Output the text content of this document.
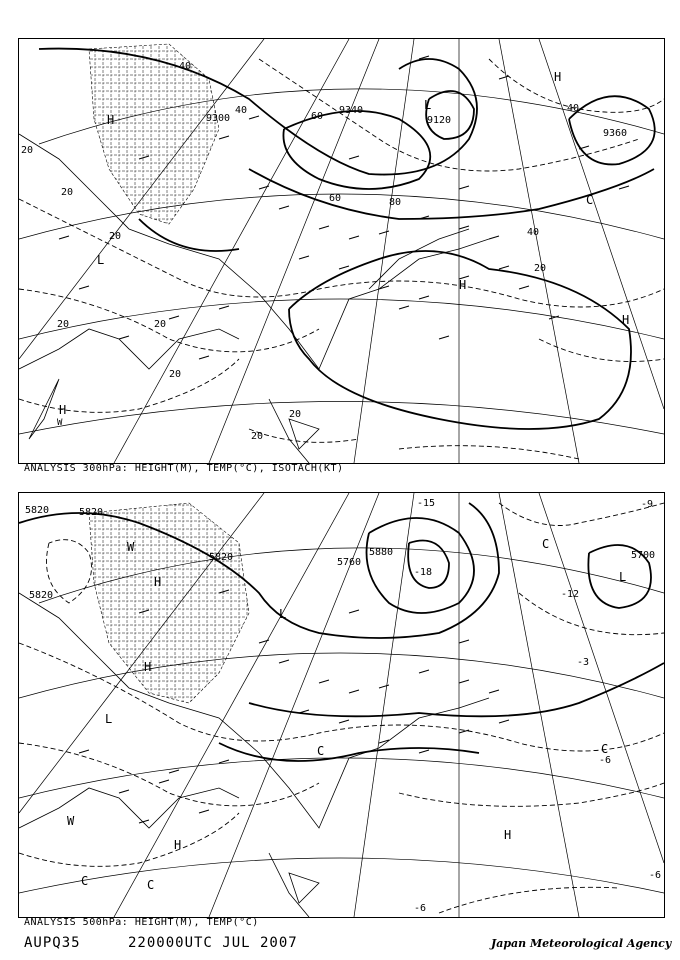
9300
9340
9360
9120
20
40
60
80
20
40
20
20	20
20
20
40
40
60
20
20
H
H
H
H
L
L
C
H
W
ANALYSIS 300hPa: HEIGHT(M), TEMP(°C), ISOTACH(KT)
5820	5820
5820
5820
5700
5760
5880
-15
-18
-9
-12
-6
-6
-3
-6
W
H
H
L
L
C
W
H
C	C
C
L
H
C
ANALYSIS 500hPa: HEIGHT(M), TEMP(°C)
AUPQ35	220000UTC JUL 2007	Japan Meteorological Agency
